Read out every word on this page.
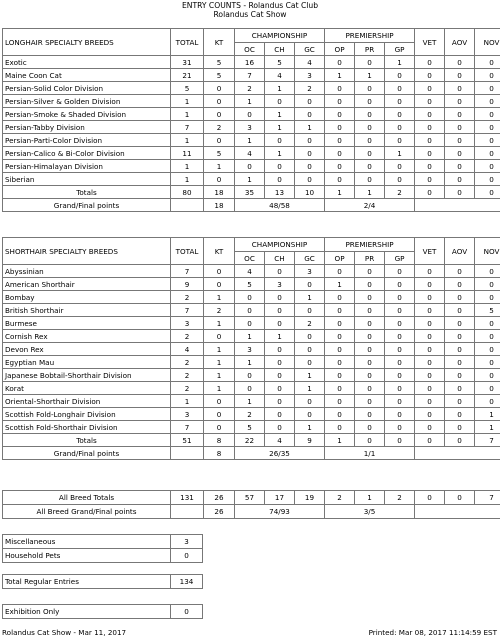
ENTRY COUNTS - Rolandus Cat Club
Rolandus Cat Show
LONGHAIR SPECIALTY BREEDS	TOTAL	KT	CHAMPIONSHIP			PREMIERSHIP			VET	AOV	NOV
			OC	CH	GC	OP	PR	GP			
Exotic	31	5	16	5	4	0	0	1	0	0	0
Maine Coon Cat	21	5	7	4	3	1	1	0	0	0	0
Persian-Solid Color Division	5	0	2	1	2	0	0	0	0	0	0
Persian-Silver & Golden Division	1	0	1	0	0	0	0	0	0	0	0
Persian-Smoke & Shaded Division	1	0	0	1	0	0	0	0	0	0	0
Persian-Tabby Division	7	2	3	1	1	0	0	0	0	0	0
Persian-Parti-Color Division	1	0	1	0	0	0	0	0	0	0	0
Persian-Calico & Bi-Color Division	11	5	4	1	0	0	0	1	0	0	0
Persian-Himalayan Division	1	1	0	0	0	0	0	0	0	0	0
Siberian	1	0	1	0	0	0	0	0	0	0	0
Totals	80	18	35	13	10	1	1	2	0	0	0
Grand/Final points		18	48/58			2/4					
SHORTHAIR SPECIALTY BREEDS	TOTAL	KT	CHAMPIONSHIP			PREMIERSHIP			VET	AOV	NOV
			OC	CH	GC	OP	PR	GP			
Abyssinian	7	0	4	0	3	0	0	0	0	0	0
American Shorthair	9	0	5	3	0	1	0	0	0	0	0
Bombay	2	1	0	0	1	0	0	0	0	0	0
British Shorthair	7	2	0	0	0	0	0	0	0	0	5
Burmese	3	1	0	0	2	0	0	0	0	0	0
Cornish Rex	2	0	1	1	0	0	0	0	0	0	0
Devon Rex	4	1	3	0	0	0	0	0	0	0	0
Egyptian Mau	2	1	1	0	0	0	0	0	0	0	0
Japanese Bobtail-Shorthair Division	2	1	0	0	1	0	0	0	0	0	0
Korat	2	1	0	0	1	0	0	0	0	0	0
Oriental-Shorthair Division	1	0	1	0	0	0	0	0	0	0	0
Scottish Fold-Longhair Division	3	0	2	0	0	0	0	0	0	0	1
Scottish Fold-Shorthair Division	7	0	5	0	1	0	0	0	0	0	1
Totals	51	8	22	4	9	1	0	0	0	0	7
Grand/Final points		8	26/35			1/1					
All Breed Totals	131	26	57	17	19	2	1	2	0	0	7
All Breed Grand/Final points		26	74/93			3/5					
Miscellaneous	3
Household Pets	0
Total Regular Entries	134
Exhibition Only	0
Rolandus Cat Show - Mar 11, 2017	Printed: Mar 08, 2017 11:14:59 EST
